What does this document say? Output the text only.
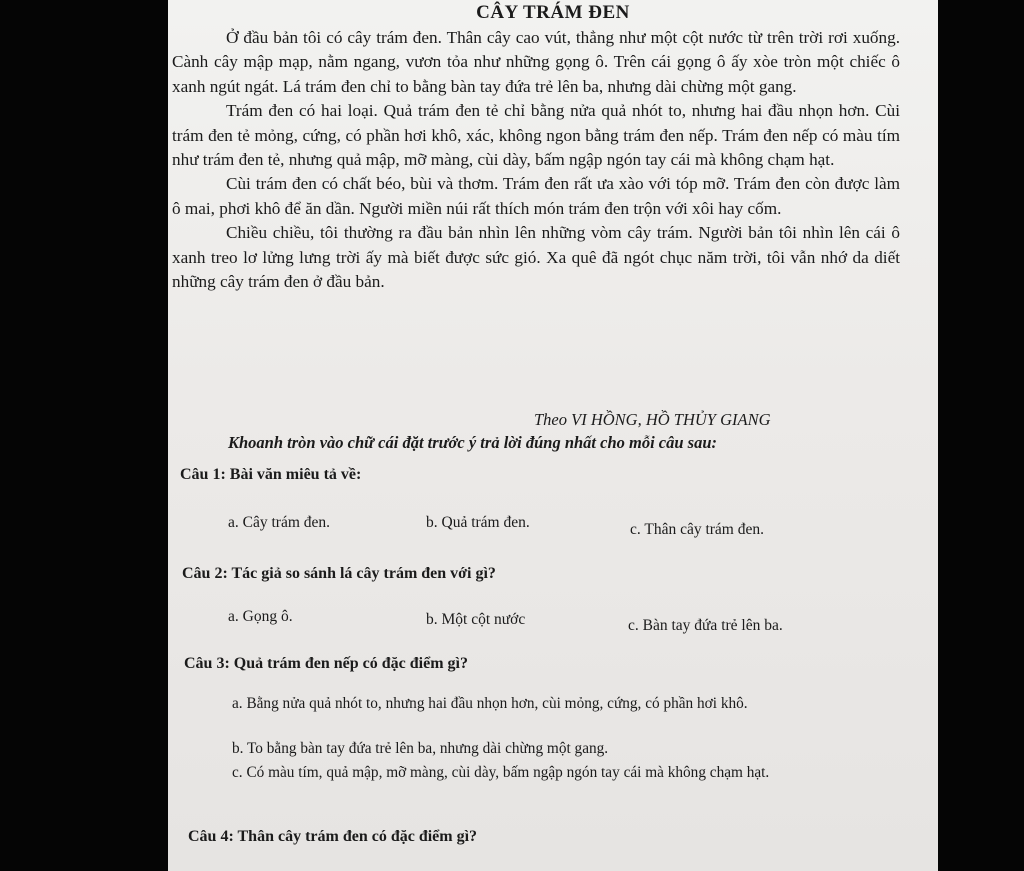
CÂY TRÁM ĐEN

Ở đầu bản tôi có cây trám đen. Thân cây cao vút, thẳng như một cột nước từ trên trời rơi xuống. Cành cây mập mạp, nằm ngang, vươn tỏa như những gọng ô. Trên cái gọng ô ấy xòe tròn một chiếc ô xanh ngút ngát. Lá trám đen chỉ to bằng bàn tay đứa trẻ lên ba, nhưng dài chừng một gang.

Trám đen có hai loại. Quả trám đen tẻ chỉ bằng nửa quả nhót to, nhưng hai đầu nhọn hơn. Cùi trám đen tẻ mỏng, cứng, có phần hơi khô, xác, không ngon bằng trám đen nếp. Trám đen nếp có màu tím như trám đen tẻ, nhưng quả mập, mỡ màng, cùi dày, bấm ngập ngón tay cái mà không chạm hạt.

Cùi trám đen có chất béo, bùi và thơm. Trám đen rất ưa xào với tóp mỡ. Trám đen còn được làm ô mai, phơi khô để ăn dần. Người miền núi rất thích món trám đen trộn với xôi hay cốm.

Chiều chiều, tôi thường ra đầu bản nhìn lên những vòm cây trám. Người bản tôi nhìn lên cái ô xanh treo lơ lửng lưng trời ấy mà biết được sức gió. Xa quê đã ngót chục năm trời, tôi vẫn nhớ da diết những cây trám đen ở đầu bản.

Theo VI HỒNG, HỒ THỦY GIANG
Khoanh tròn vào chữ cái đặt trước ý trả lời đúng nhất cho mỗi câu sau:
Câu 1: Bài văn miêu tả về:
a. Cây trám đen.	b. Quả trám đen.	c. Thân cây trám đen.
Câu 2: Tác giả so sánh lá cây trám đen với gì?
a. Gọng ô.	b. Một cột nước	c. Bàn tay đứa trẻ lên ba.
Câu 3: Quả trám đen nếp có đặc điểm gì?
a. Bằng nửa quả nhót to, nhưng hai đầu nhọn hơn, cùi mỏng, cứng, có phần hơi khô.
b. To bằng bàn tay đứa trẻ lên ba, nhưng dài chừng một gang.
c. Có màu tím, quả mập, mỡ màng, cùi dày, bấm ngập ngón tay cái mà không chạm hạt.
Câu 4: Thân cây trám đen có đặc điểm gì?
